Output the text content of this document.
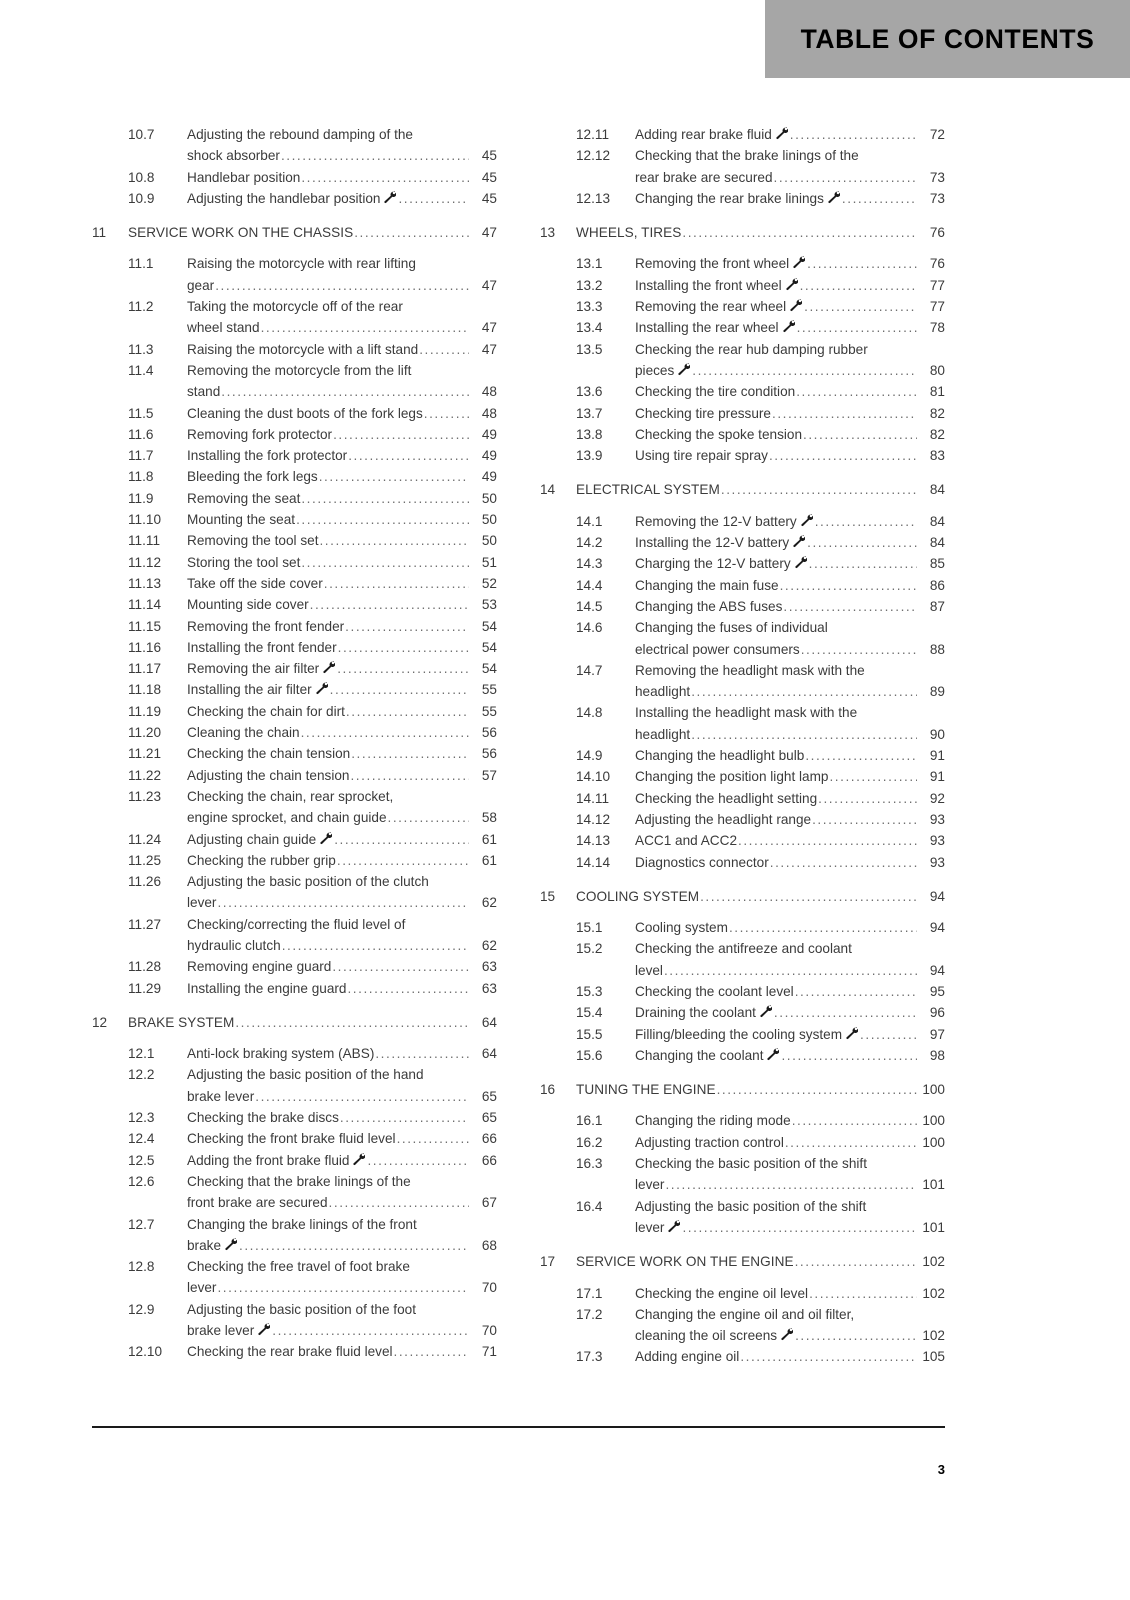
TABLE OF CONTENTS
10.7	Adjusting the rebound damping of the
shock absorber .....	45
10.8	Handlebar position .....	45
10.9	Adjusting the handlebar position .....	45
11	SERVICE WORK ON THE CHASSIS .....	47
11.1	Raising the motorcycle with rear lifting
gear .....	47
11.2	Taking the motorcycle off of the rear
wheel stand .....	47
11.3	Raising the motorcycle with a lift stand .....	47
11.4	Removing the motorcycle from the lift
stand .....	48
11.5	Cleaning the dust boots of the fork legs .....	48
11.6	Removing fork protector .....	49
11.7	Installing the fork protector .....	49
11.8	Bleeding the fork legs .....	49
11.9	Removing the seat .....	50
11.10	Mounting the seat .....	50
11.11	Removing the tool set .....	50
11.12	Storing the tool set .....	51
11.13	Take off the side cover .....	52
11.14	Mounting side cover .....	53
11.15	Removing the front fender .....	54
11.16	Installing the front fender .....	54
11.17	Removing the air filter .....	54
11.18	Installing the air filter .....	55
11.19	Checking the chain for dirt .....	55
11.20	Cleaning the chain .....	56
11.21	Checking the chain tension .....	56
11.22	Adjusting the chain tension .....	57
11.23	Checking the chain, rear sprocket,
engine sprocket, and chain guide .....	58
11.24	Adjusting chain guide .....	61
11.25	Checking the rubber grip .....	61
11.26	Adjusting the basic position of the clutch
lever .....	62
11.27	Checking/correcting the fluid level of
hydraulic clutch .....	62
11.28	Removing engine guard .....	63
11.29	Installing the engine guard .....	63
12	BRAKE SYSTEM .....	64
12.1	Anti-lock braking system (ABS) .....	64
12.2	Adjusting the basic position of the hand
brake lever .....	65
12.3	Checking the brake discs .....	65
12.4	Checking the front brake fluid level .....	66
12.5	Adding the front brake fluid .....	66
12.6	Checking that the brake linings of the
front brake are secured .....	67
12.7	Changing the brake linings of the front
brake .....	68
12.8	Checking the free travel of foot brake
lever .....	70
12.9	Adjusting the basic position of the foot
brake lever .....	70
12.10	Checking the rear brake fluid level .....	71
12.11	Adding rear brake fluid .....	72
12.12	Checking that the brake linings of the
rear brake are secured .....	73
12.13	Changing the rear brake linings .....	73
13	WHEELS, TIRES .....	76
13.1	Removing the front wheel .....	76
13.2	Installing the front wheel .....	77
13.3	Removing the rear wheel .....	77
13.4	Installing the rear wheel .....	78
13.5	Checking the rear hub damping rubber
pieces .....	80
13.6	Checking the tire condition .....	81
13.7	Checking tire pressure .....	82
13.8	Checking the spoke tension .....	82
13.9	Using tire repair spray .....	83
14	ELECTRICAL SYSTEM .....	84
14.1	Removing the 12-V battery .....	84
14.2	Installing the 12-V battery .....	84
14.3	Charging the 12-V battery .....	85
14.4	Changing the main fuse .....	86
14.5	Changing the ABS fuses .....	87
14.6	Changing the fuses of individual
electrical power consumers .....	88
14.7	Removing the headlight mask with the
headlight .....	89
14.8	Installing the headlight mask with the
headlight .....	90
14.9	Changing the headlight bulb .....	91
14.10	Changing the position light lamp .....	91
14.11	Checking the headlight setting .....	92
14.12	Adjusting the headlight range .....	93
14.13	ACC1 and ACC2 .....	93
14.14	Diagnostics connector .....	93
15	COOLING SYSTEM .....	94
15.1	Cooling system .....	94
15.2	Checking the antifreeze and coolant
level .....	94
15.3	Checking the coolant level .....	95
15.4	Draining the coolant .....	96
15.5	Filling/bleeding the cooling system .....	97
15.6	Changing the coolant .....	98
16	TUNING THE ENGINE .....	100
16.1	Changing the riding mode .....	100
16.2	Adjusting traction control .....	100
16.3	Checking the basic position of the shift
lever .....	101
16.4	Adjusting the basic position of the shift
lever .....	101
17	SERVICE WORK ON THE ENGINE .....	102
17.1	Checking the engine oil level .....	102
17.2	Changing the engine oil and oil filter,
cleaning the oil screens .....	102
17.3	Adding engine oil .....	105
3
